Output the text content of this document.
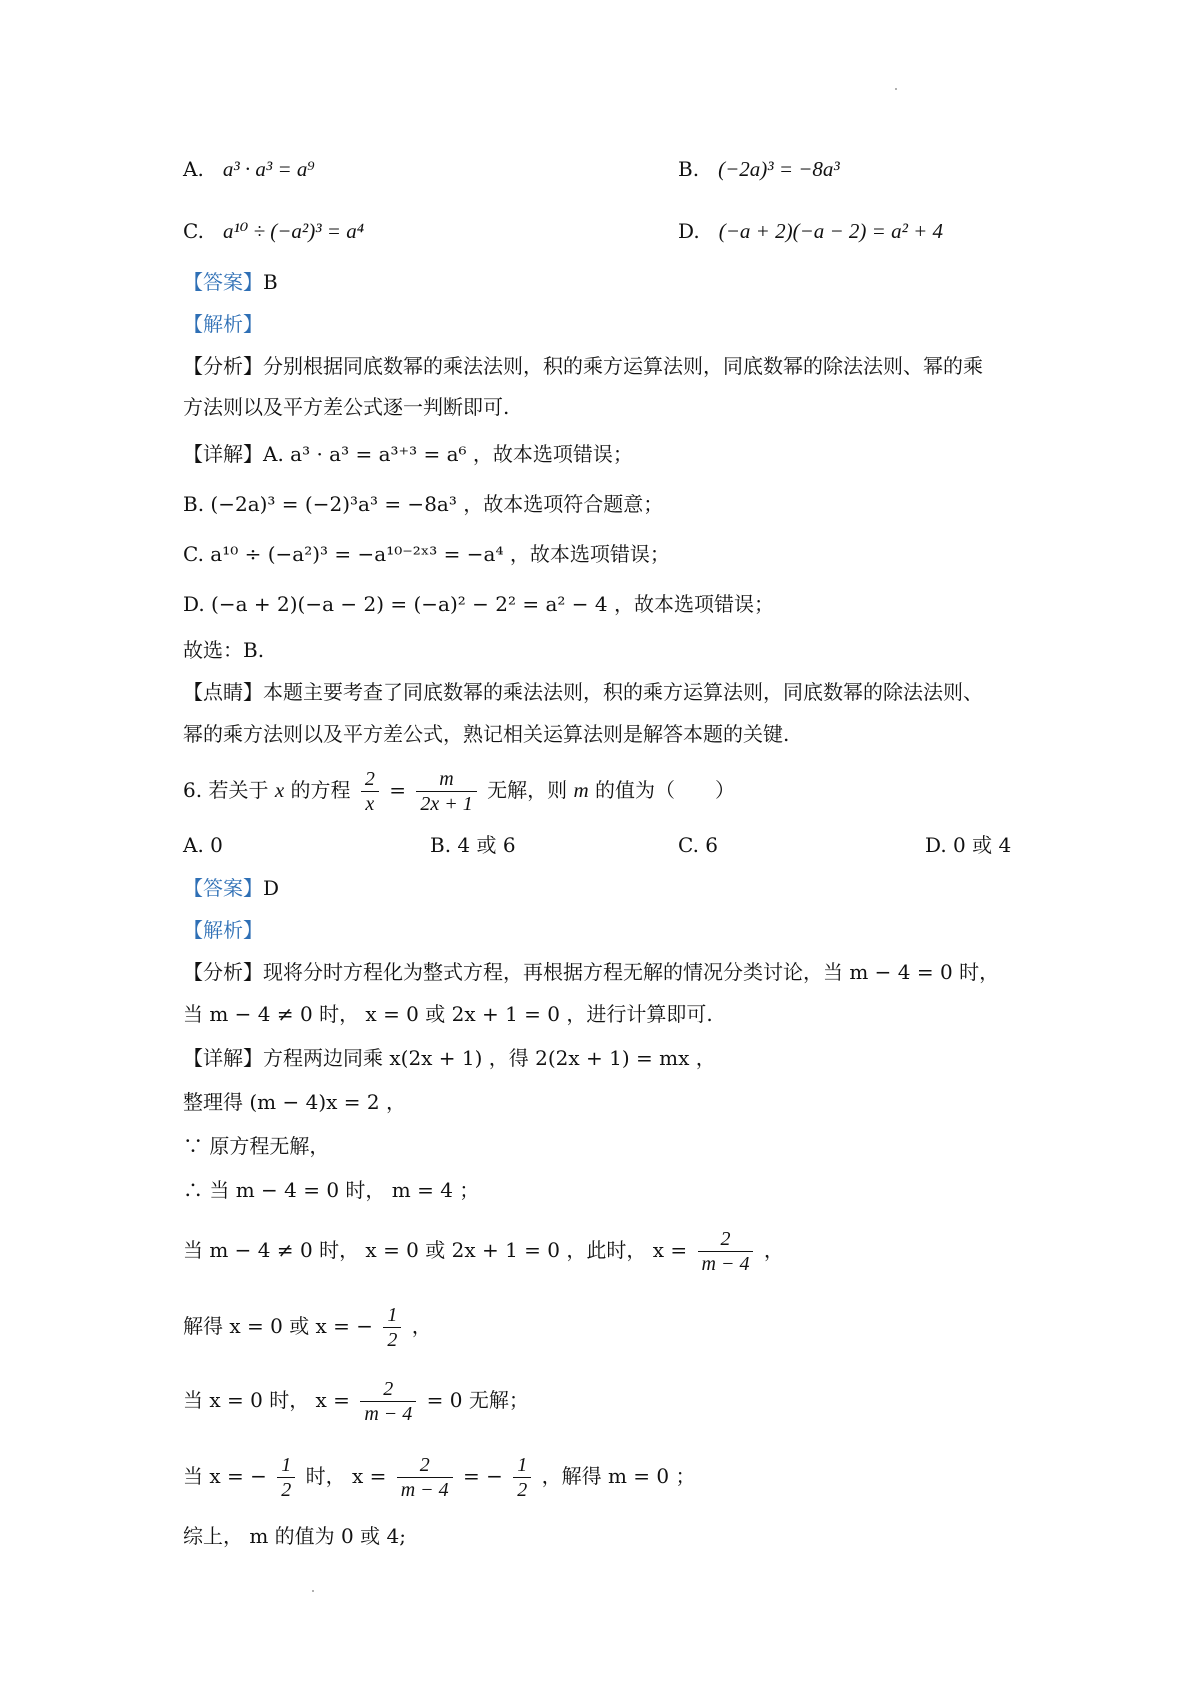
A. a³ · a³ = a⁹	B. (−2a)³ = −8a³
C. a¹⁰ ÷ (−a²)³ = a⁴	D. (−a + 2)(−a − 2) = a² + 4
【答案】B
【解析】
【分析】分别根据同底数幂的乘法法则，积的乘方运算法则，同底数幂的除法法则、幂的乘
方法则以及平方差公式逐一判断即可.
【详解】A. a³ · a³ = a³⁺³ = a⁶ ，故本选项错误；
B. (−2a)³ = (−2)³a³ = −8a³ ，故本选项符合题意；
C. a¹⁰ ÷ (−a²)³ = −a¹⁰⁻²ˣ³ = −a⁴ ，故本选项错误；
D. (−a + 2)(−a − 2) = (−a)² − 2² = a² − 4 ，故本选项错误；
故选：B.
【点睛】本题主要考查了同底数幂的乘法法则，积的乘方运算法则，同底数幂的除法法则、
幂的乘方法则以及平方差公式，熟记相关运算法则是解答本题的关键.
6. 若关于 x 的方程 $\frac{2}{x} = \frac{m}{2x + 1}$ 无解，则 m 的值为（　　）
A. 0	B. 4 或 6	C. 6	D. 0 或 4
【答案】D
【解析】
【分析】现将分时方程化为整式方程，再根据方程无解的情况分类讨论，当 m − 4 = 0 时，
当 m − 4 ≠ 0 时， x = 0 或 2x + 1 = 0 ，进行计算即可.
【详解】方程两边同乘 x(2x + 1) ，得 2(2x + 1) = mx ，
整理得 (m − 4)x = 2 ，
∵ 原方程无解，
∴ 当 m − 4 = 0 时， m = 4 ；
当 m − 4 ≠ 0 时， x = 0 或 2x + 1 = 0 ，此时， $x = \frac{2}{m - 4}$ ，
解得 x = 0 或 x = − $\frac{1}{2}$ ，
当 x = 0 时， $x = \frac{2}{m - 4} = 0$ 无解；
当 x = − $\frac{1}{2}$ 时， $x = \frac{2}{m - 4}$ = − $\frac{1}{2}$ ，解得 m = 0 ；
综上， m 的值为 0 或 4;
